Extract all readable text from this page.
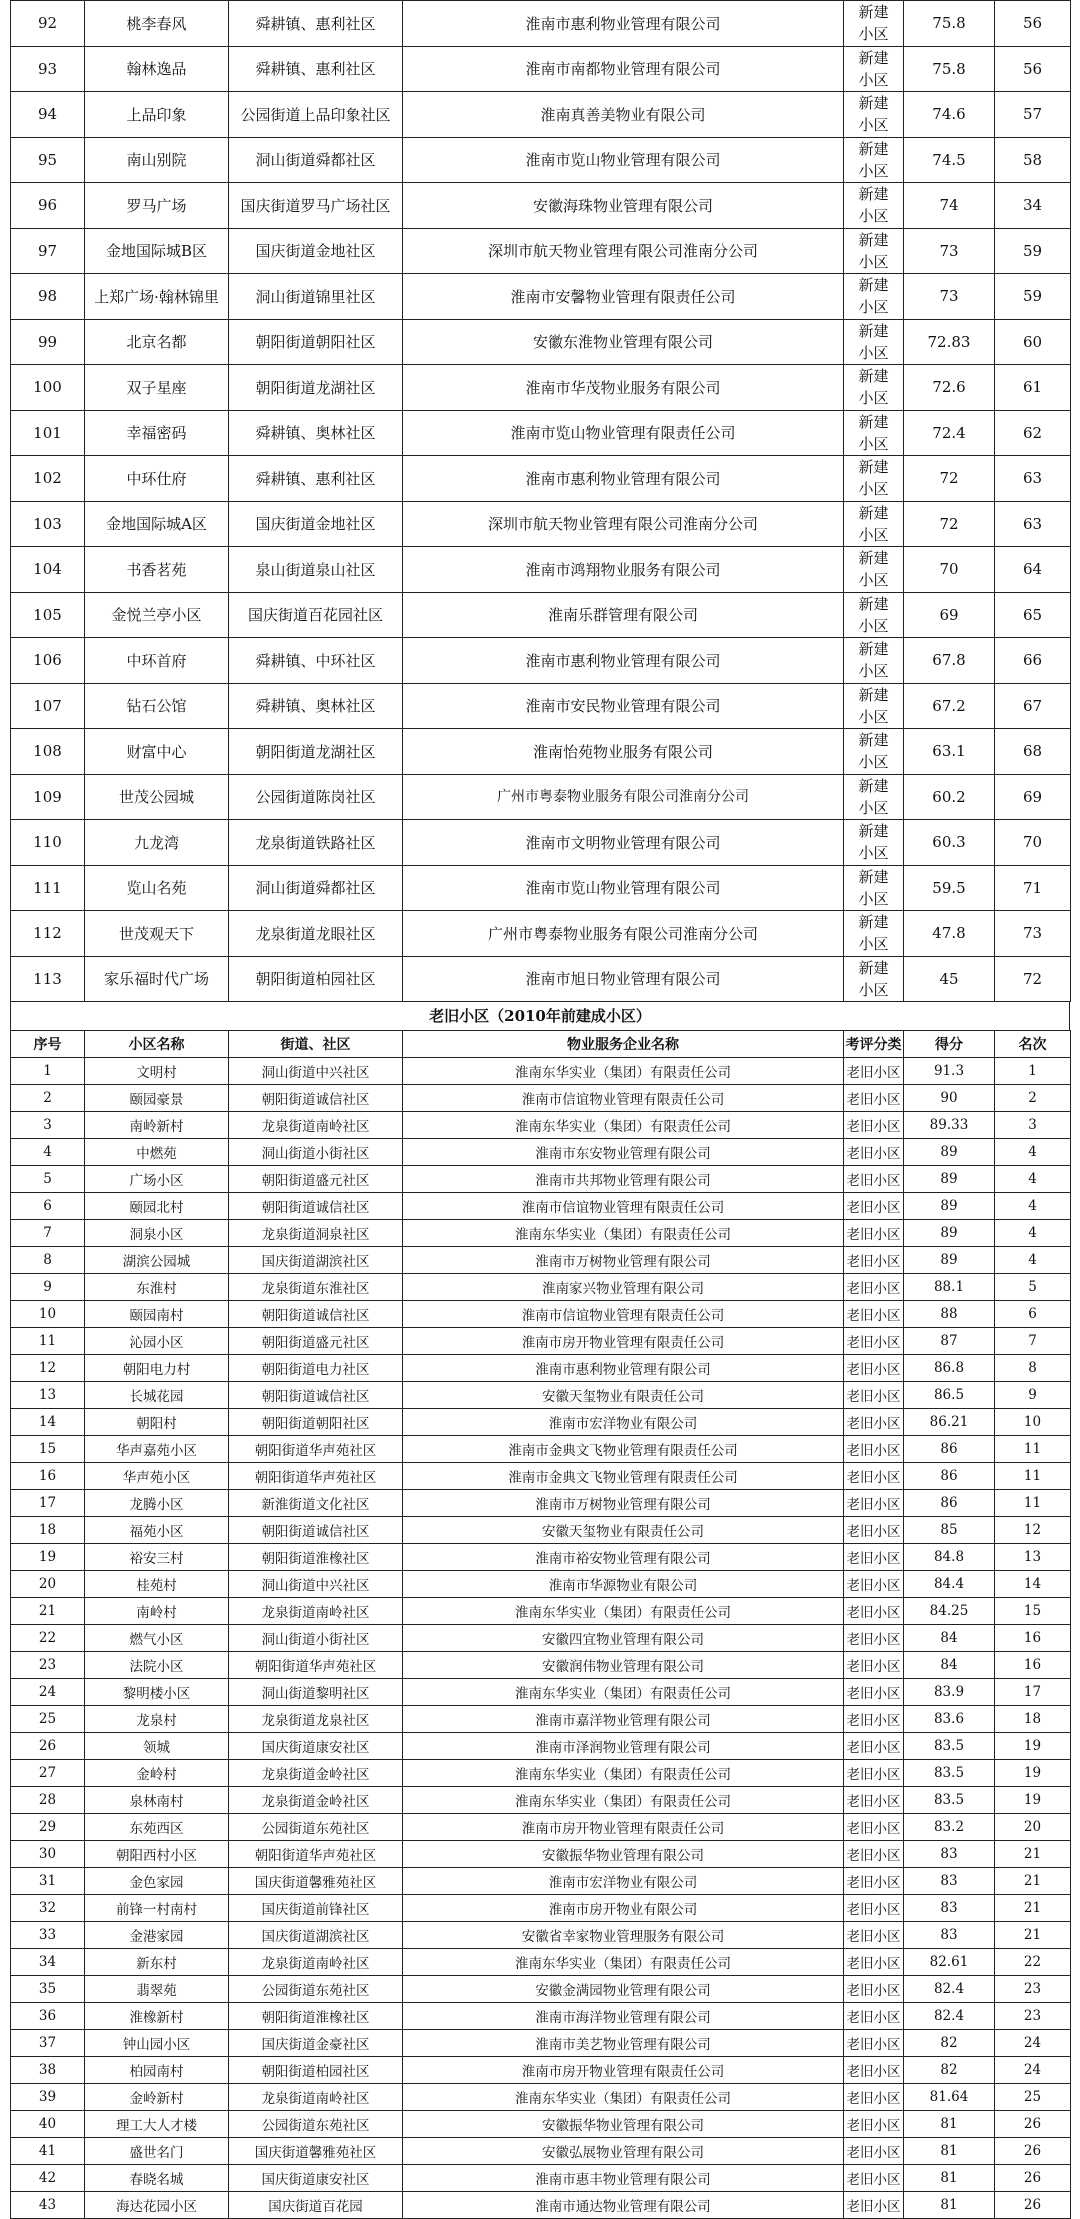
92	桃李春风	舜耕镇、惠利社区	淮南市惠利物业管理有限公司	新建小区	75.8	56
93	翰林逸品	舜耕镇、惠利社区	淮南市南都物业管理有限公司	新建小区	75.8	56
94	上品印象	公园街道上品印象社区	淮南真善美物业有限公司	新建小区	74.6	57
95	南山别院	洞山街道舜都社区	淮南市览山物业管理有限公司	新建小区	74.5	58
96	罗马广场	国庆街道罗马广场社区	安徽海珠物业管理有限公司	新建小区	74	34
97	金地国际城B区	国庆街道金地社区	深圳市航天物业管理有限公司淮南分公司	新建小区	73	59
98	上郑广场·翰林锦里	洞山街道锦里社区	淮南市安馨物业管理有限责任公司	新建小区	73	59
99	北京名都	朝阳街道朝阳社区	安徽东淮物业管理有限公司	新建小区	72.83	60
100	双子星座	朝阳街道龙湖社区	淮南市华茂物业服务有限公司	新建小区	72.6	61
101	幸福密码	舜耕镇、奥林社区	淮南市览山物业管理有限责任公司	新建小区	72.4	62
102	中环仕府	舜耕镇、惠利社区	淮南市惠利物业管理有限公司	新建小区	72	63
103	金地国际城A区	国庆街道金地社区	深圳市航天物业管理有限公司淮南分公司	新建小区	72	63
104	书香茗苑	泉山街道泉山社区	淮南市鸿翔物业服务有限公司	新建小区	70	64
105	金悦兰亭小区	国庆街道百花园社区	淮南乐群管理有限公司	新建小区	69	65
106	中环首府	舜耕镇、中环社区	淮南市惠利物业管理有限公司	新建小区	67.8	66
107	钻石公馆	舜耕镇、奥林社区	淮南市安民物业管理有限公司	新建小区	67.2	67
108	财富中心	朝阳街道龙湖社区	淮南怡苑物业服务有限公司	新建小区	63.1	68
109	世茂公园城	公园街道陈岗社区	广州市粤泰物业服务有限公司淮南分公司	新建小区	60.2	69
110	九龙湾	龙泉街道铁路社区	淮南市文明物业管理有限公司	新建小区	60.3	70
111	览山名苑	洞山街道舜都社区	淮南市览山物业管理有限公司	新建小区	59.5	71
112	世茂观天下	龙泉街道龙眼社区	广州市粤泰物业服务有限公司淮南分公司	新建小区	47.8	73
113	家乐福时代广场	朝阳街道柏园社区	淮南市旭日物业管理有限公司	新建小区	45	72
老旧小区（2010年前建成小区）
序号	小区名称	街道、社区	物业服务企业名称	考评分类	得分	名次
1	文明村	洞山街道中兴社区	淮南东华实业（集团）有限责任公司	老旧小区	91.3	1
2	颐园豪景	朝阳街道诚信社区	淮南市信谊物业管理有限责任公司	老旧小区	90	2
3	南岭新村	龙泉街道南岭社区	淮南东华实业（集团）有限责任公司	老旧小区	89.33	3
4	中燃苑	洞山街道小街社区	淮南市东安物业管理有限公司	老旧小区	89	4
5	广场小区	朝阳街道盛元社区	淮南市共邦物业管理有限公司	老旧小区	89	4
6	颐园北村	朝阳街道诚信社区	淮南市信谊物业管理有限责任公司	老旧小区	89	4
7	洞泉小区	龙泉街道洞泉社区	淮南东华实业（集团）有限责任公司	老旧小区	89	4
8	湖滨公园城	国庆街道湖滨社区	淮南市万树物业管理有限公司	老旧小区	89	4
9	东淮村	龙泉街道东淮社区	淮南家兴物业管理有限公司	老旧小区	88.1	5
10	颐园南村	朝阳街道诚信社区	淮南市信谊物业管理有限责任公司	老旧小区	88	6
11	沁园小区	朝阳街道盛元社区	淮南市房开物业管理有限责任公司	老旧小区	87	7
12	朝阳电力村	朝阳街道电力社区	淮南市惠利物业管理有限公司	老旧小区	86.8	8
13	长城花园	朝阳街道诚信社区	安徽天玺物业有限责任公司	老旧小区	86.5	9
14	朝阳村	朝阳街道朝阳社区	淮南市宏洋物业有限公司	老旧小区	86.21	10
15	华声嘉苑小区	朝阳街道华声苑社区	淮南市金典文飞物业管理有限责任公司	老旧小区	86	11
16	华声苑小区	朝阳街道华声苑社区	淮南市金典文飞物业管理有限责任公司	老旧小区	86	11
17	龙腾小区	新淮街道文化社区	淮南市万树物业管理有限公司	老旧小区	86	11
18	福苑小区	朝阳街道诚信社区	安徽天玺物业有限责任公司	老旧小区	85	12
19	裕安三村	朝阳街道淮橡社区	淮南市裕安物业管理有限公司	老旧小区	84.8	13
20	桂苑村	洞山街道中兴社区	淮南市华源物业有限公司	老旧小区	84.4	14
21	南岭村	龙泉街道南岭社区	淮南东华实业（集团）有限责任公司	老旧小区	84.25	15
22	燃气小区	洞山街道小街社区	安徽四宜物业管理有限公司	老旧小区	84	16
23	法院小区	朝阳街道华声苑社区	安徽润伟物业管理有限公司	老旧小区	84	16
24	黎明楼小区	洞山街道黎明社区	淮南东华实业（集团）有限责任公司	老旧小区	83.9	17
25	龙泉村	龙泉街道龙泉社区	淮南市嘉洋物业管理有限公司	老旧小区	83.6	18
26	领城	国庆街道康安社区	淮南市泽润物业管理有限公司	老旧小区	83.5	19
27	金岭村	龙泉街道金岭社区	淮南东华实业（集团）有限责任公司	老旧小区	83.5	19
28	泉林南村	龙泉街道金岭社区	淮南东华实业（集团）有限责任公司	老旧小区	83.5	19
29	东苑西区	公园街道东苑社区	淮南市房开物业管理有限责任公司	老旧小区	83.2	20
30	朝阳西村小区	朝阳街道华声苑社区	安徽振华物业管理有限公司	老旧小区	83	21
31	金色家园	国庆街道馨雅苑社区	淮南市宏洋物业有限公司	老旧小区	83	21
32	前锋一村南村	国庆街道前锋社区	淮南市房开物业有限公司	老旧小区	83	21
33	金港家园	国庆街道湖滨社区	安徽省幸家物业管理服务有限公司	老旧小区	83	21
34	新东村	龙泉街道南岭社区	淮南东华实业（集团）有限责任公司	老旧小区	82.61	22
35	翡翠苑	公园街道东苑社区	安徽金满园物业管理有限公司	老旧小区	82.4	23
36	淮橡新村	朝阳街道淮橡社区	淮南市海洋物业管理有限公司	老旧小区	82.4	23
37	钟山园小区	国庆街道金豪社区	淮南市美艺物业管理有限公司	老旧小区	82	24
38	柏园南村	朝阳街道柏园社区	淮南市房开物业管理有限责任公司	老旧小区	82	24
39	金岭新村	龙泉街道南岭社区	淮南东华实业（集团）有限责任公司	老旧小区	81.64	25
40	理工大人才楼	公园街道东苑社区	安徽振华物业管理有限公司	老旧小区	81	26
41	盛世名门	国庆街道馨雅苑社区	安徽弘展物业管理有限公司	老旧小区	81	26
42	春晓名城	国庆街道康安社区	淮南市惠丰物业管理有限公司	老旧小区	81	26
43	海达花园小区	国庆街道百花园	淮南市通达物业管理有限公司	老旧小区	81	26
